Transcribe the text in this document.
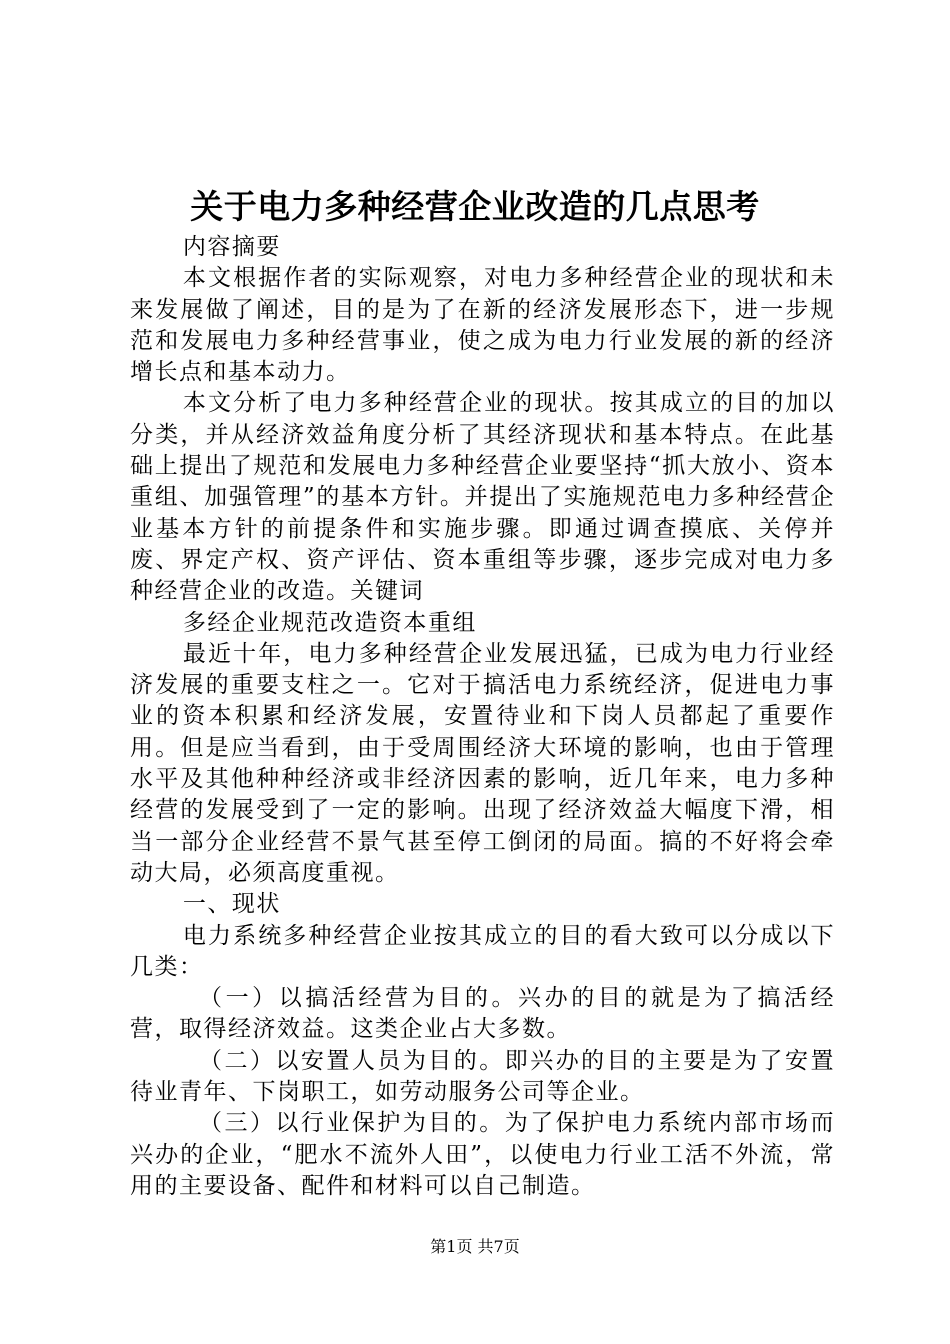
关于电力多种经营企业改造的几点思考

内容摘要

本文根据作者的实际观察，对电力多种经营企业的现状和未来发展做了阐述，目的是为了在新的经济发展形态下，进一步规范和发展电力多种经营事业，使之成为电力行业发展的新的经济增长点和基本动力。

本文分析了电力多种经营企业的现状。按其成立的目的加以分类，并从经济效益角度分析了其经济现状和基本特点。在此基础上提出了规范和发展电力多种经营企业要坚持“抓大放小、资本重组、加强管理”的基本方针。并提出了实施规范电力多种经营企业基本方针的前提条件和实施步骤。即通过调查摸底、关停并废、界定产权、资产评估、资本重组等步骤，逐步完成对电力多种经营企业的改造。关键词

多经企业规范改造资本重组

最近十年，电力多种经营企业发展迅猛，已成为电力行业经济发展的重要支柱之一。它对于搞活电力系统经济，促进电力事业的资本积累和经济发展，安置待业和下岗人员都起了重要作用。但是应当看到，由于受周围经济大环境的影响，也由于管理水平及其他种种经济或非经济因素的影响，近几年来，电力多种经营的发展受到了一定的影响。出现了经济效益大幅度下滑，相当一部分企业经营不景气甚至停工倒闭的局面。搞的不好将会牵动大局，必须高度重视。

一、现状

电力系统多种经营企业按其成立的目的看大致可以分成以下几类：

（一）以搞活经营为目的。兴办的目的就是为了搞活经营，取得经济效益。这类企业占大多数。

（二）以安置人员为目的。即兴办的目的主要是为了安置待业青年、下岗职工，如劳动服务公司等企业。

（三）以行业保护为目的。为了保护电力系统内部市场而兴办的企业，“肥水不流外人田”，以使电力行业工活不外流，常用的主要设备、配件和材料可以自己制造。

第1页 共7页
